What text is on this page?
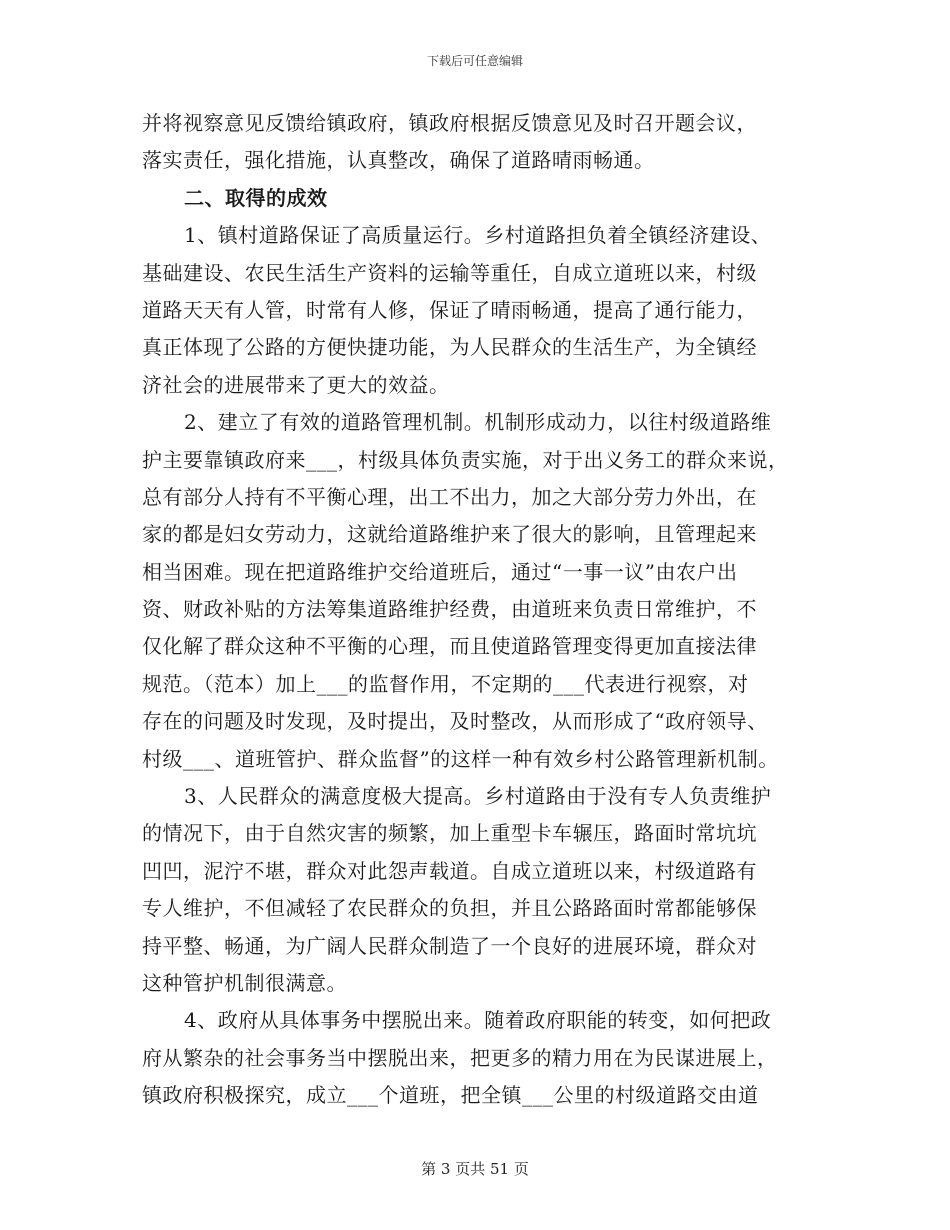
下载后可任意编辑
并将视察意见反馈给镇政府，镇政府根据反馈意见及时召开题会议，
落实责任，强化措施，认真整改，确保了道路晴雨畅通。
二、取得的成效
1、镇村道路保证了高质量运行。乡村道路担负着全镇经济建设、
基础建设、农民生活生产资料的运输等重任，自成立道班以来，村级
道路天天有人管，时常有人修，保证了晴雨畅通，提高了通行能力，
真正体现了公路的方便快捷功能，为人民群众的生活生产，为全镇经
济社会的进展带来了更大的效益。
2、建立了有效的道路管理机制。机制形成动力，以往村级道路维
护主要靠镇政府来___，村级具体负责实施，对于出义务工的群众来说，
总有部分人持有不平衡心理，出工不出力，加之大部分劳力外出，在
家的都是妇女劳动力，这就给道路维护来了很大的影响，且管理起来
相当困难。现在把道路维护交给道班后，通过“一事一议”由农户出
资、财政补贴的方法筹集道路维护经费，由道班来负责日常维护，不
仅化解了群众这种不平衡的心理，而且使道路管理变得更加直接法律
规范。（范本）加上___的监督作用，不定期的___代表进行视察，对
存在的问题及时发现，及时提出，及时整改，从而形成了“政府领导、
村级___、道班管护、群众监督”的这样一种有效乡村公路管理新机制。
3、人民群众的满意度极大提高。乡村道路由于没有专人负责维护
的情况下，由于自然灾害的频繁，加上重型卡车辗压，路面时常坑坑
凹凹，泥泞不堪，群众对此怨声载道。自成立道班以来，村级道路有
专人维护，不但减轻了农民群众的负担，并且公路路面时常都能够保
持平整、畅通，为广阔人民群众制造了一个良好的进展环境，群众对
这种管护机制很满意。
4、政府从具体事务中摆脱出来。随着政府职能的转变，如何把政
府从繁杂的社会事务当中摆脱出来，把更多的精力用在为民谋进展上，
镇政府积极探究，成立___个道班，把全镇___公里的村级道路交由道
第 3 页共 51 页
